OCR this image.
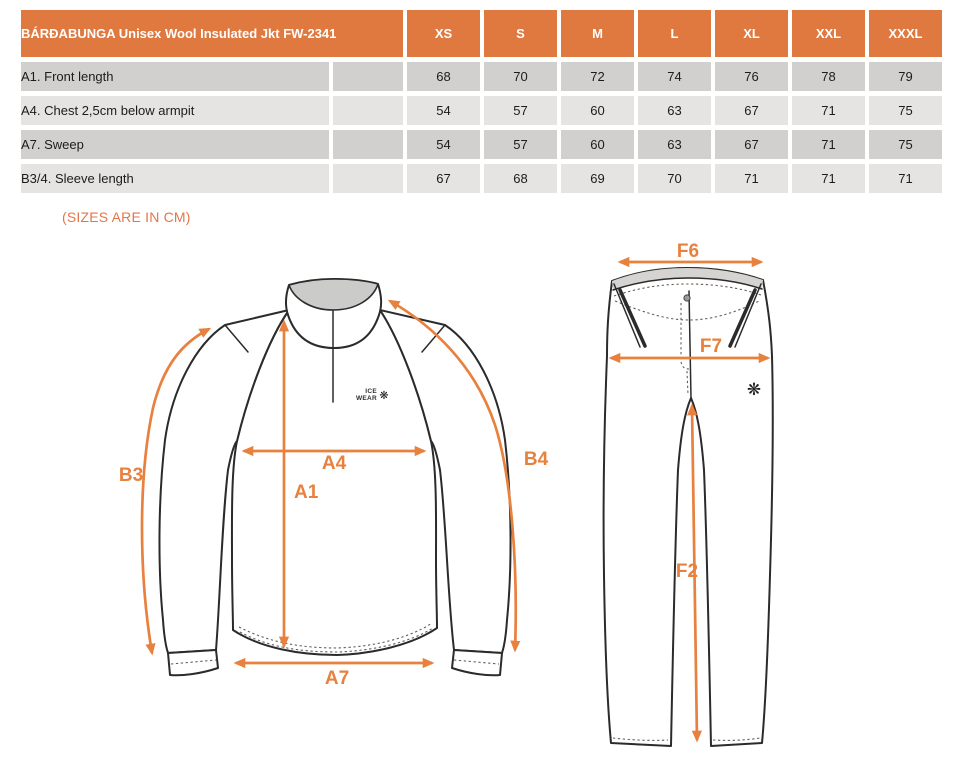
BÁRÐABUNGA Unisex Wool Insulated Jkt FW-2341		XS	S	M	L	XL	XXL	XXXL
A1. Front length		68	70	72	74	76	78	79
A4. Chest 2,5cm below armpit		54	57	60	63	67	71	75
A7. Sweep		54	57	60	63	67	71	75
B3/4. Sleeve length		67	68	69	70	71	71	71
(SIZES ARE IN CM)
ICE
WEAR ❋
B3
A4
A1
B4
A7
❋
F6
F7
F2
